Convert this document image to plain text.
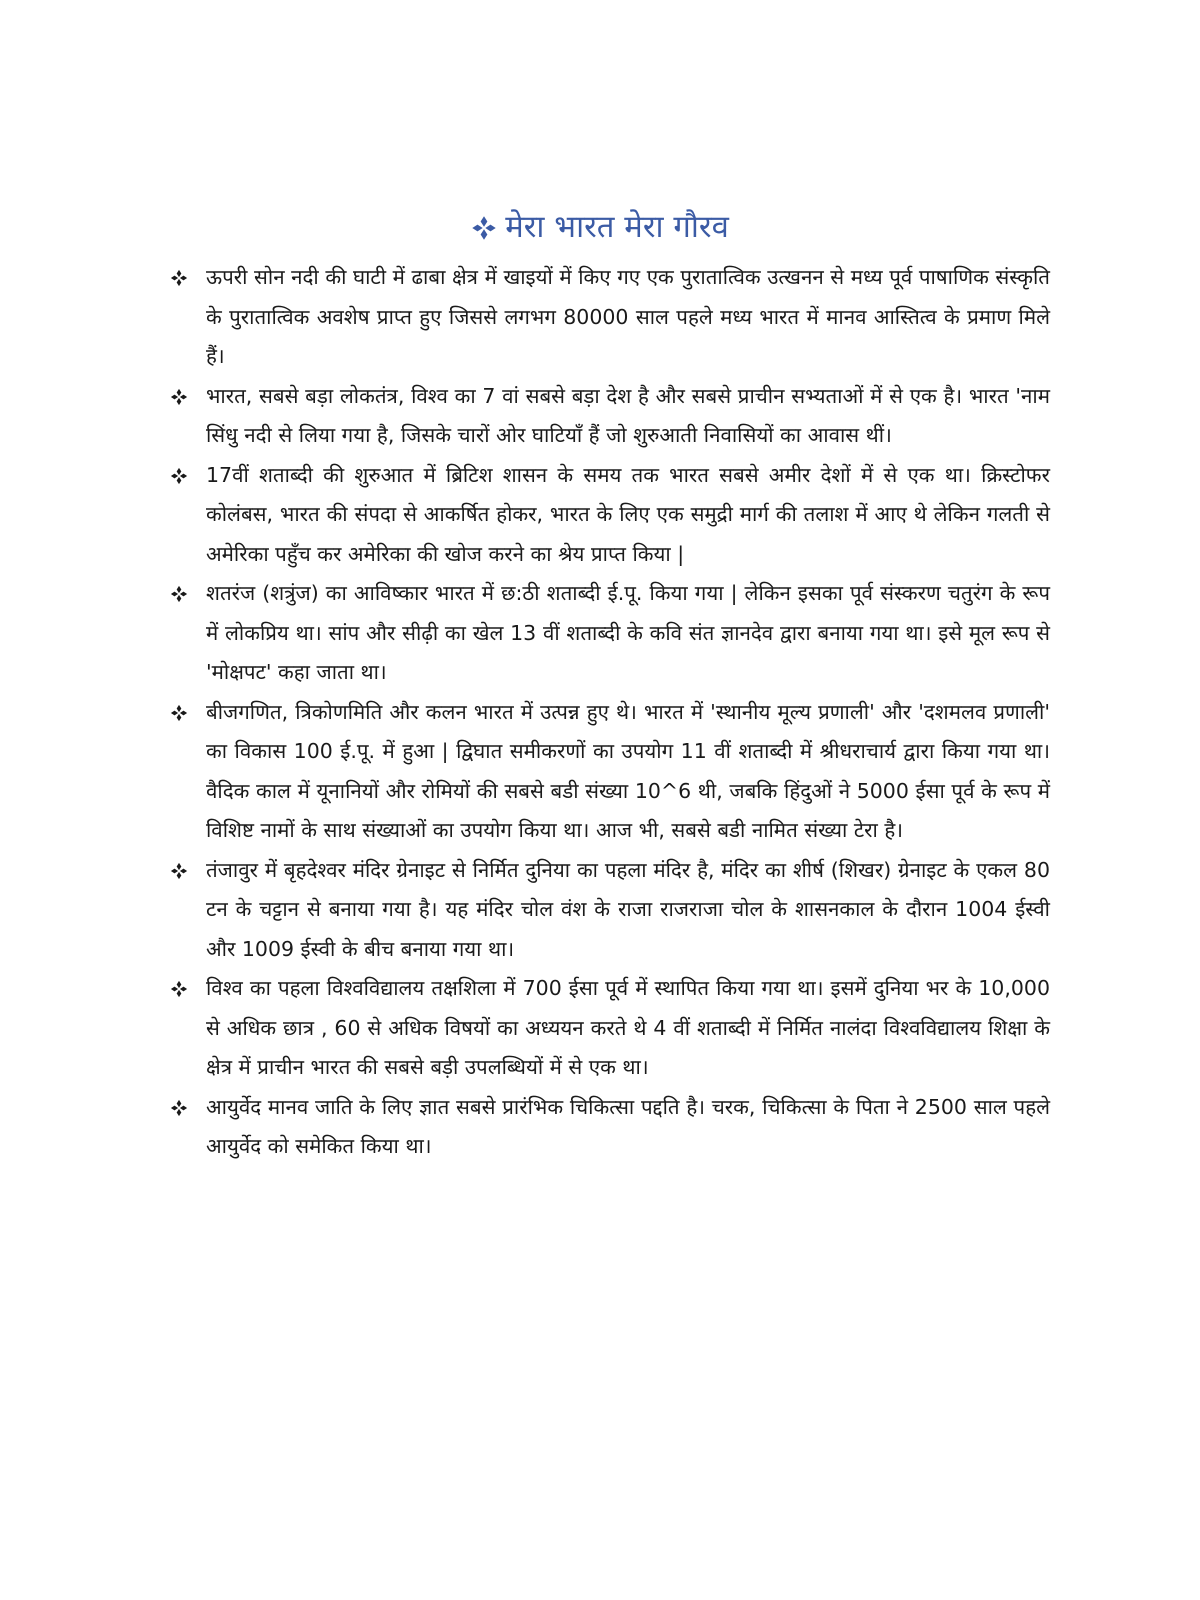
मेरा भारत मेरा गौरव
ऊपरी सोन नदी की घाटी में ढाबा क्षेत्र में खाइयों में किए गए एक पुरातात्विक उत्खनन से मध्य पूर्व पाषाणिक संस्कृति के पुरातात्विक अवशेष प्राप्त हुए जिससे लगभग 80000 साल पहले मध्य भारत में मानव आस्तित्व के प्रमाण मिले हैं।
भारत, सबसे बड़ा लोकतंत्र, विश्व का 7 वां सबसे बड़ा देश है और सबसे प्राचीन सभ्यताओं में से एक है। भारत 'नाम सिंधु नदी से लिया गया है, जिसके चारों ओर घाटियाँ हैं जो शुरुआती निवासियों का आवास थीं।
17वीं शताब्दी की शुरुआत में ब्रिटिश शासन के समय तक भारत सबसे अमीर देशों में से एक था। क्रिस्टोफर कोलंबस, भारत की संपदा से आकर्षित होकर, भारत के लिए एक समुद्री मार्ग की तलाश में आए थे लेकिन गलती से अमेरिका पहुँच कर अमेरिका की खोज करने का श्रेय प्राप्त किया |
शतरंज (शत्रुंज) का आविष्कार भारत में छ:ठी शताब्दी ई.पू. किया गया | लेकिन इसका पूर्व संस्करण चतुरंग के रूप में लोकप्रिय था। सांप और सीढ़ी का खेल 13 वीं शताब्दी के कवि संत ज्ञानदेव द्वारा बनाया गया था। इसे मूल रूप से 'मोक्षपट' कहा जाता था।
बीजगणित, त्रिकोणमिति और कलन भारत में उत्पन्न हुए थे। भारत में 'स्थानीय मूल्य प्रणाली' और 'दशमलव प्रणाली' का विकास 100 ई.पू. में हुआ | द्विघात समीकरणों का उपयोग 11 वीं शताब्दी में श्रीधराचार्य द्वारा किया गया था। वैदिक काल में यूनानियों और रोमियों की सबसे बडी संख्या 10^6 थी, जबकि हिंदुओं ने 5000 ईसा पूर्व के रूप में विशिष्ट नामों के साथ संख्याओं का उपयोग किया था। आज भी, सबसे बडी नामित संख्या टेरा है।
तंजावुर में बृहदेश्वर मंदिर ग्रेनाइट से निर्मित दुनिया का पहला मंदिर है, मंदिर का शीर्ष (शिखर) ग्रेनाइट के एकल 80 टन के चट्टान से बनाया गया है। यह मंदिर चोल वंश के राजा राजराजा चोल के शासनकाल के दौरान 1004 ईस्वी और 1009 ईस्वी के बीच बनाया गया था।
विश्व का पहला विश्वविद्यालय तक्षशिला में 700 ईसा पूर्व में स्थापित किया गया था। इसमें दुनिया भर के 10,000 से अधिक छात्र , 60 से अधिक विषयों का अध्ययन करते थे 4 वीं शताब्दी में निर्मित नालंदा विश्वविद्यालय शिक्षा के क्षेत्र में प्राचीन भारत की सबसे बड़ी उपलब्धियों में से एक था।
आयुर्वेद मानव जाति के लिए ज्ञात सबसे प्रारंभिक चिकित्सा पद्दति है। चरक, चिकित्सा के पिता ने 2500 साल पहले आयुर्वेद को समेकित किया था।
